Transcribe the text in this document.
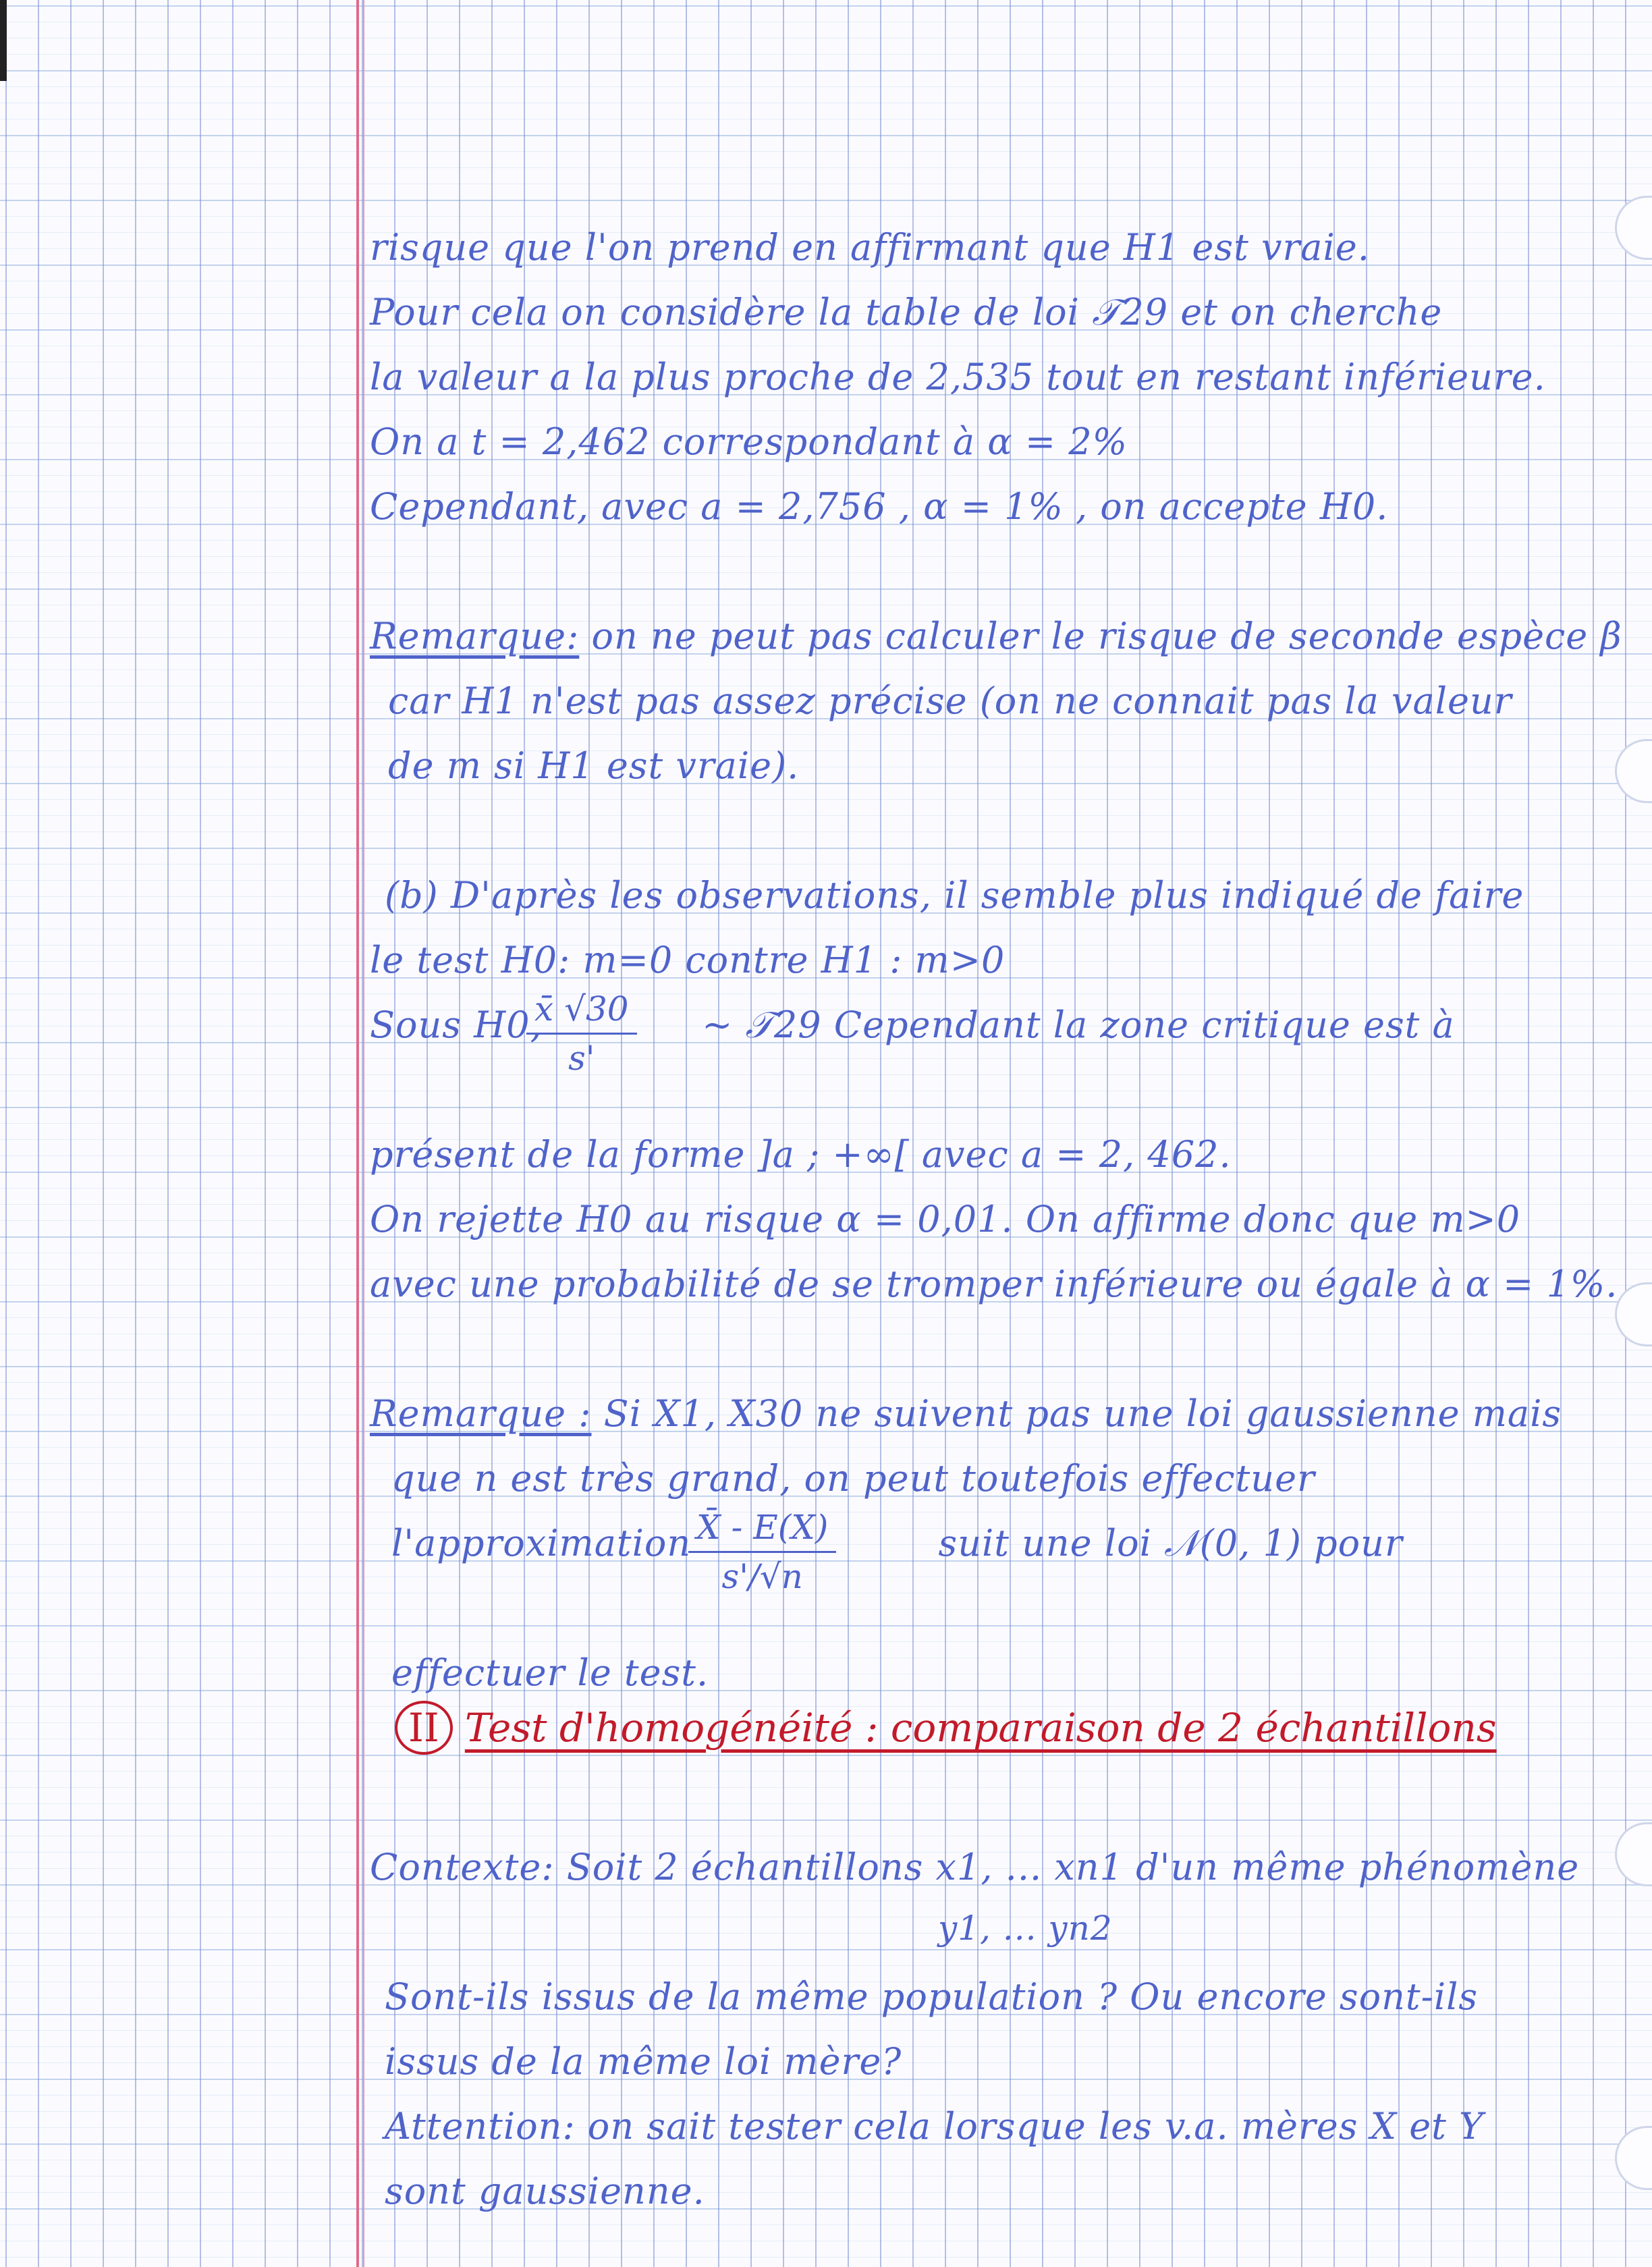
risque que l'on prend en affirmant que H1 est vraie.
Pour cela on considère la table de loi 𝒯29 et on cherche
la valeur a la plus proche de 2,535 tout en restant inférieure.
On a t = 2,462 correspondant à α = 2%
Cependant, avec a = 2,756 , α = 1% , on accepte H0.
Remarque: on ne peut pas calculer le risque de seconde espèce β
car H1 n'est pas assez précise (on ne connait pas la valeur
de m si H1 est vraie).
(b) D'après les observations, il semble plus indiqué de faire
le test H0: m=0 contre H1 : m>0
Sous H0,	∼ 𝒯29 Cependant la zone critique est à
$\frac{x̄ √30}{s'}$
présent de la forme ]a ; +∞[ avec a = 2, 462.
On rejette H0 au risque α = 0,01. On affirme donc que m>0
avec une probabilité de se tromper inférieure ou égale à α = 1%.
Remarque : Si X1, X30 ne suivent pas une loi gaussienne mais
que n est très grand, on peut toutefois effectuer
l'approximation	suit une loi 𝒩(0, 1) pour
$\frac{X̄ - E(X)}{s'/√n}$
effectuer le test.
II Test d'homogénéité : comparaison de 2 échantillons
Contexte: Soit 2 échantillons x1, ... xn1 d'un même phénomène
y1, ... yn2
Sont-ils issus de la même population ? Ou encore sont-ils
issus de la même loi mère?
Attention: on sait tester cela lorsque les v.a. mères X et Y
sont gaussienne.
